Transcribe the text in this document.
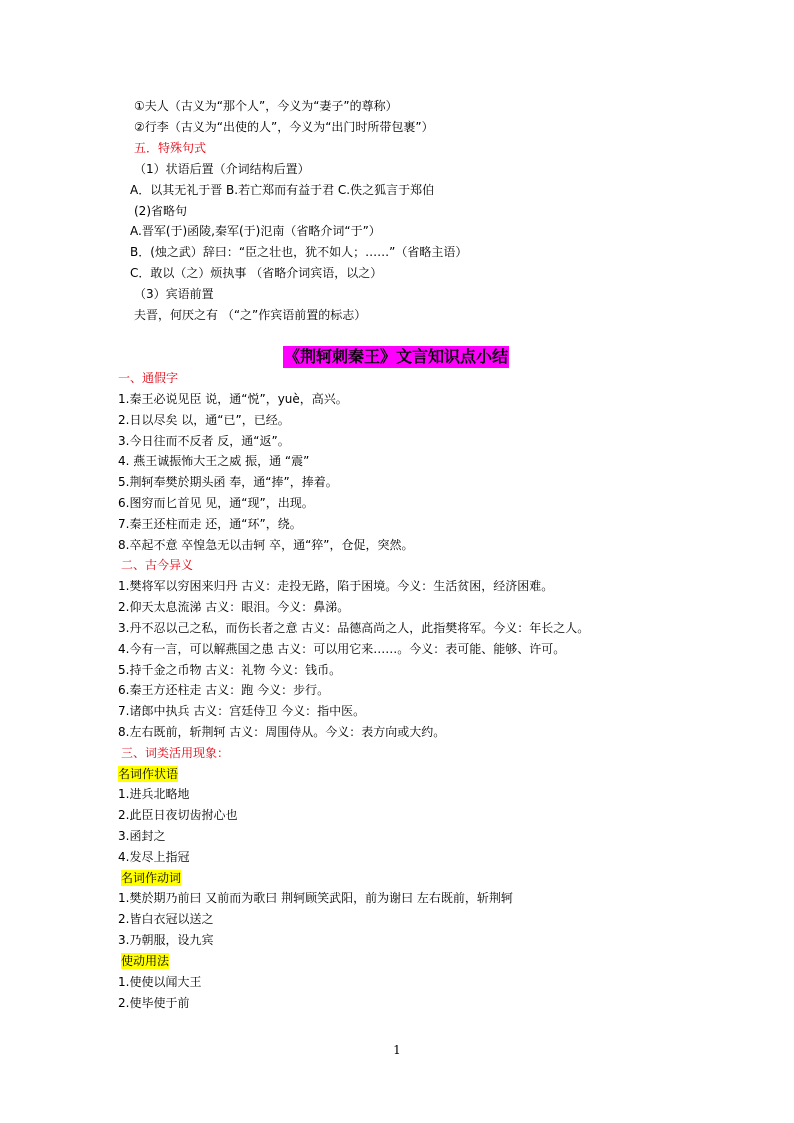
①夫人（古义为“那个人”，今义为“妻子”的尊称）

②行李（古义为“出使的人”，今义为“出门时所带包裹”）

五．特殊句式

（1）状语后置（介词结构后置）

A．以其无礼于晋 B.若亡郑而有益于君 C.佚之狐言于郑伯

(2)省略句

A.晋军(于)函陵,秦军(于)氾南（省略介词“于”）

B．(烛之武）辞曰：“臣之壮也，犹不如人；……”（省略主语）

C．敢以（之）烦执事 （省略介词宾语，以之）

（3）宾语前置

夫晋，何厌之有 （“之”作宾语前置的标志）

《荆轲刺秦王》文言知识点小结

一、通假字

1.秦王必说见臣 说，通“悦”，yuè，高兴。

2.日以尽矣 以，通“已”，已经。

3.今日往而不反者 反，通“返”。

4. 燕王诚振怖大王之威 振，通 “震”

5.荆轲奉樊於期头函 奉，通“捧”，捧着。

6.图穷而匕首见 见，通“现”，出现。

7.秦王还柱而走 还，通“环”，绕。

8.卒起不意 卒惶急无以击轲 卒，通“猝”，仓促，突然。

二、古今异义

1.樊将军以穷困来归丹 古义：走投无路，陷于困境。今义：生活贫困，经济困难。

2.仰天太息流涕 古义：眼泪。今义：鼻涕。

3.丹不忍以己之私，而伤长者之意 古义：品德高尚之人，此指樊将军。今义：年长之人。

4.今有一言，可以解燕国之患 古义：可以用它来……。今义：表可能、能够、许可。

5.持千金之币物 古义：礼物 今义：钱币。

6.秦王方还柱走 古义：跑 今义：步行。

7.诸郎中执兵 古义：宫廷侍卫 今义：指中医。

8.左右既前，斩荆轲 古义：周围侍从。今义：表方向或大约。

三、词类活用现象：

名词作状语

1.进兵北略地

2.此臣日夜切齿拊心也

3.函封之

4.发尽上指冠

名词作动词

1.樊於期乃前曰 又前而为歌曰 荆轲顾笑武阳，前为谢曰 左右既前，斩荆轲

2.皆白衣冠以送之

3.乃朝服，设九宾

使动用法

1.使使以闻大王

2.使毕使于前

1
